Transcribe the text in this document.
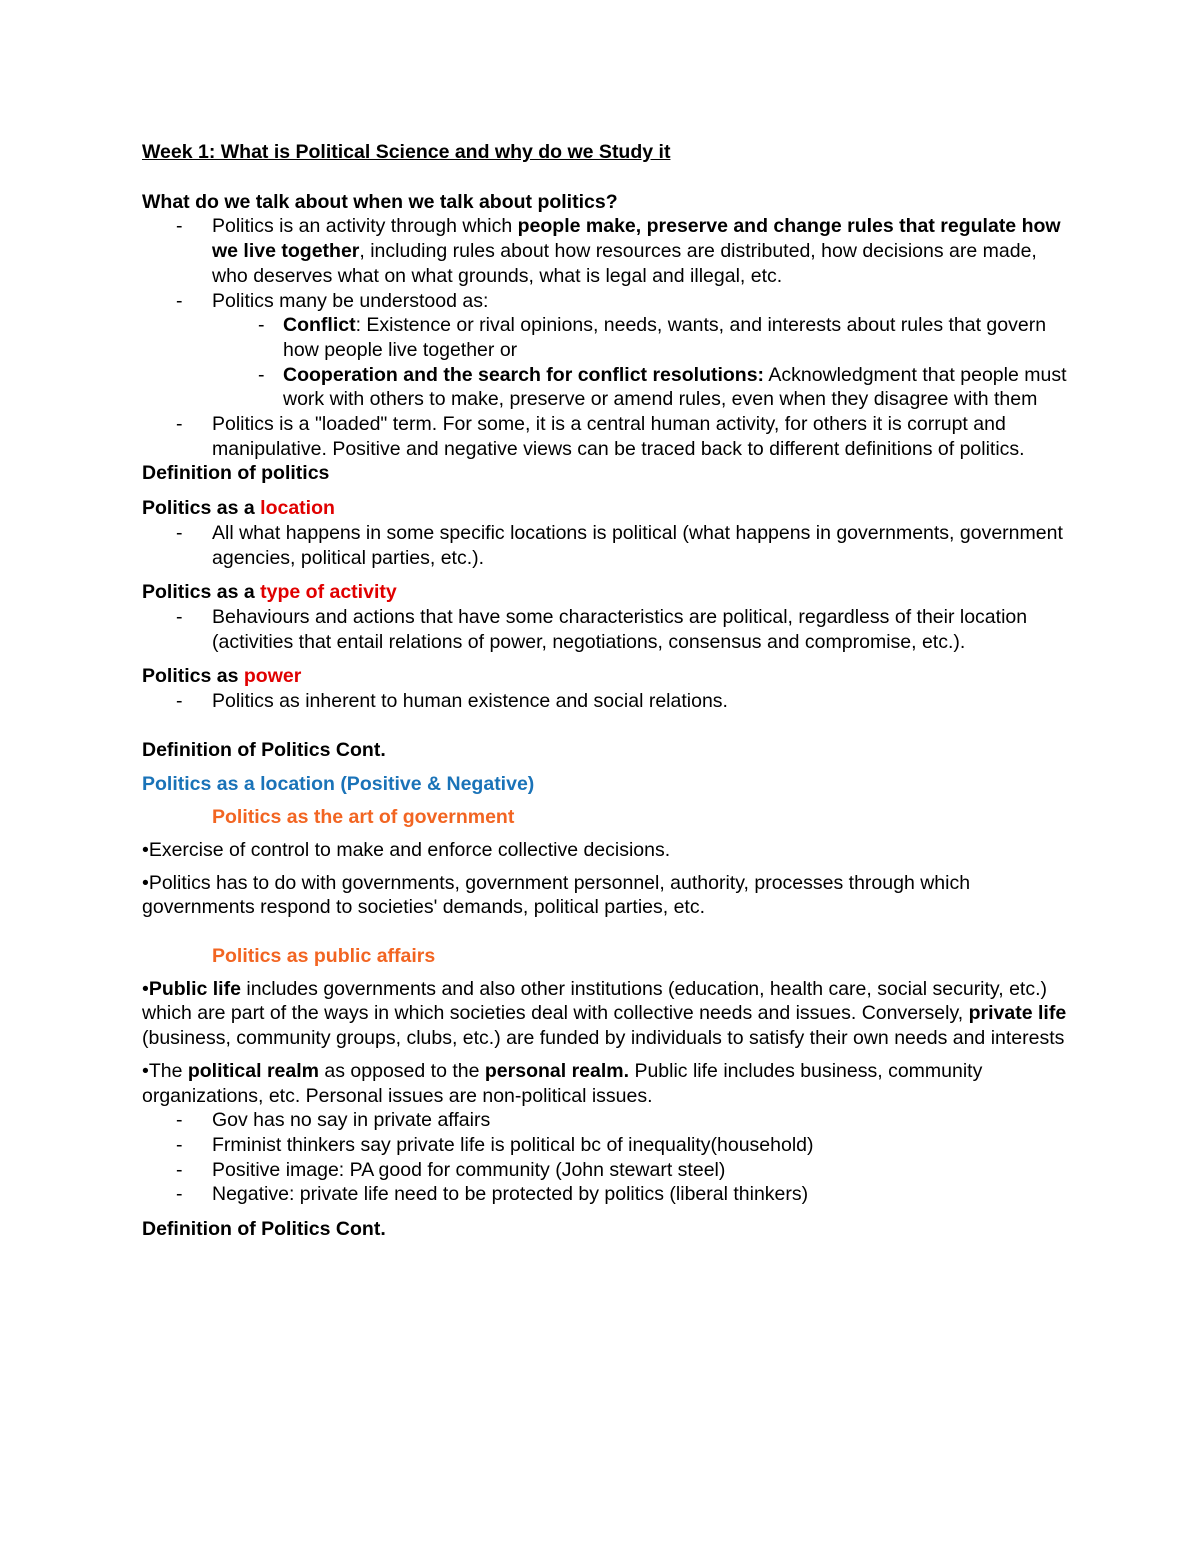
Week 1: What is Political Science and why do we Study it

What do we talk about when we talk about politics?

- Politics is an activity through which people make, preserve and change rules that regulate how we live together, including rules about how resources are distributed, how decisions are made, who deserves what on what grounds, what is legal and illegal, etc.
- Politics many be understood as:
- Conflict: Existence or rival opinions, needs, wants, and interests about rules that govern how people live together or
- Cooperation and the search for conflict resolutions: Acknowledgment that people must work with others to make, preserve or amend rules, even when they disagree with them
- Politics is a "loaded" term. For some, it is a central human activity, for others it is corrupt and manipulative. Positive and negative views can be traced back to different definitions of politics.

Definition of politics

Politics as a location

- All what happens in some specific locations is political (what happens in governments, government agencies, political parties, etc.).

Politics as a type of activity

- Behaviours and actions that have some characteristics are political, regardless of their location (activities that entail relations of power, negotiations, consensus and compromise, etc.).

Politics as power

- Politics as inherent to human existence and social relations.

Definition of Politics Cont.

Politics as a location (Positive & Negative)

Politics as the art of government

•Exercise of control to make and enforce collective decisions.

•Politics has to do with governments, government personnel, authority, processes through which governments respond to societies' demands, political parties, etc.

Politics as public affairs

•Public life includes governments and also other institutions (education, health care, social security, etc.) which are part of the ways in which societies deal with collective needs and issues. Conversely, private life (business, community groups, clubs, etc.) are funded by individuals to satisfy their own needs and interests

•The political realm as opposed to the personal realm. Public life includes business, community organizations, etc. Personal issues are non-political issues.

- Gov has no say in private affairs
- Frminist thinkers say private life is political bc of inequality(household)
- Positive image: PA good for community (John stewart steel)
- Negative: private life need to be protected by politics (liberal thinkers)

Definition of Politics Cont.
